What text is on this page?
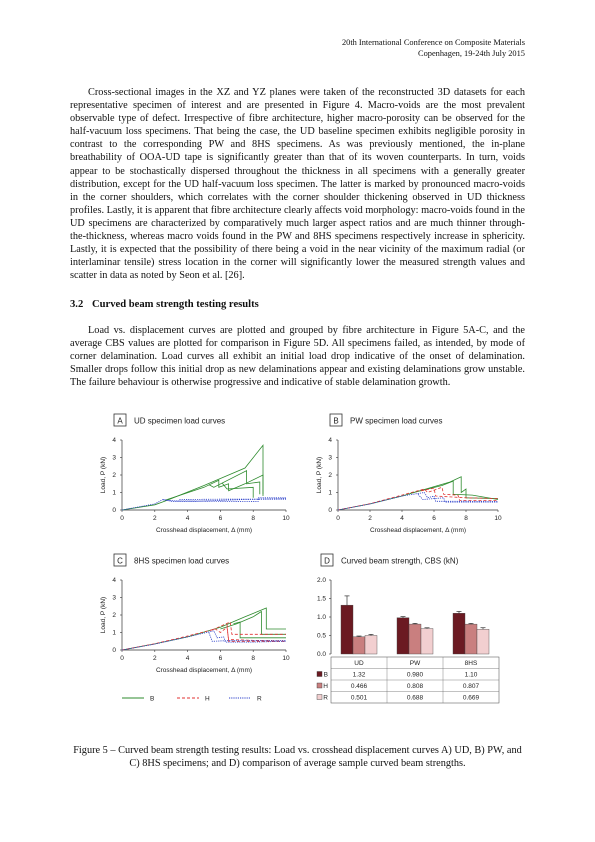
20th International Conference on Composite Materials
Copenhagen, 19-24th July 2015
Cross-sectional images in the XZ and YZ planes were taken of the reconstructed 3D datasets for each representative specimen of interest and are presented in Figure 4. Macro-voids are the most prevalent observable type of defect. Irrespective of fibre architecture, higher macro-porosity can be observed for the half-vacuum loss specimens. That being the case, the UD baseline specimen exhibits negligible porosity in contrast to the corresponding PW and 8HS specimens. As was previously mentioned, the in-plane breathability of OOA-UD tape is significantly greater than that of its woven counterparts. In turn, voids appear to be stochastically dispersed throughout the thickness in all specimens with a generally greater distribution, except for the UD half-vacuum loss specimen. The latter is marked by pronounced macro-voids in the corner shoulders, which correlates with the corner shoulder thickening observed in UD thickness profiles. Lastly, it is apparent that fibre architecture clearly affects void morphology: macro-voids found in the UD specimens are characterized by comparatively much larger aspect ratios and are much thinner through-the-thickness, whereas macro voids found in the PW and 8HS specimens respectively increase in sphericity. Lastly, it is expected that the possibility of there being a void in the near vicinity of the maximum radial (or interlaminar tensile) stress location in the corner will significantly lower the measured strength values and scatter in data as noted by Seon et al. [26].
3.2 Curved beam strength testing results
Load vs. displacement curves are plotted and grouped by fibre architecture in Figure 5A-C, and the average CBS values are plotted for comparison in Figure 5D. All specimens failed, as intended, by mode of corner delamination. Load curves all exhibit an initial load drop indicative of the onset of delamination. Smaller drops follow this initial drop as new delaminations appear and existing delaminations grow unstable. The failure behaviour is otherwise progressive and indicative of stable delamination growth.
A UD specimen load curves
0
1
2
3
4
0	2	4	6	8	10
Crosshead displacement, Δ (mm)
Load, P (kN)
B PW specimen load curves
0
1
2
3
4
0	2	4	6	8	10
Crosshead displacement, Δ (mm)
Load, P (kN)
C 8HS specimen load curves
0
1
2
3
4
0	2	4	6	8	10
Crosshead displacement, Δ (mm)
Load, P (kN)
D Curved beam strength, CBS (kN)
0.0
0.5
1.0
1.5
2.0
UD	PW	8HS
B	1.32	0.980	1.10
H	0.466	0.808	0.807
R	0.501	0.688	0.669
B	H	R
Figure 5 – Curved beam strength testing results: Load vs. crosshead displacement curves A) UD, B) PW, and C) 8HS specimens; and D) comparison of average sample curved beam strengths.
